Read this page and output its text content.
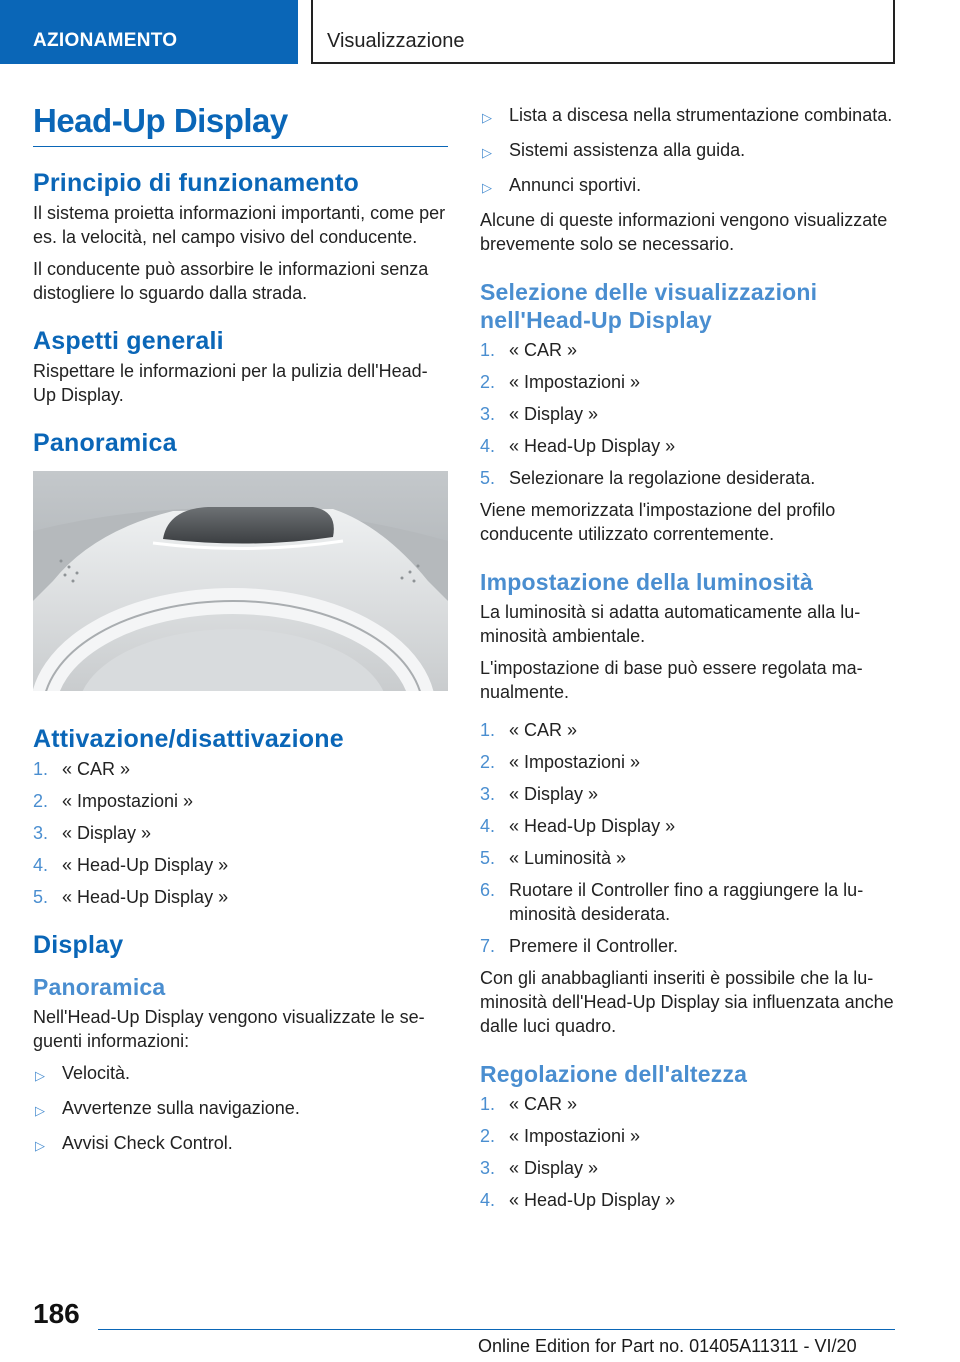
AZIONAMENTO	Visualizzazione
Head-Up Display
Principio di funzionamento

Il sistema proietta informazioni importanti, come per es. la velocità, nel campo visivo del conducente.

Il conducente può assorbire le informazioni senza distogliere lo sguardo dalla strada.

Aspetti generali

Rispettare le informazioni per la pulizia dell'Head-Up Display.

Panoramica
Attivazione/disattivazione
1. « CAR »
2. « Impostazioni »
3. « Display »
4. « Head-Up Display »
5. « Head-Up Display »
Display
Panoramica

Nell'Head-Up Display vengono visualizzate le seguenti informazioni:

▷ Velocità.
▷ Avvertenze sulla navigazione.
▷ Avvisi Check Control.
▷ Lista a discesa nella strumentazione combinata.
▷ Sistemi assistenza alla guida.
▷ Annunci sportivi.

Alcune di queste informazioni vengono visualizzate brevemente solo se necessario.

Selezione delle visualizzazioni nell'Head-Up Display
1. « CAR »
2. « Impostazioni »
3. « Display »
4. « Head-Up Display »
5. Selezionare la regolazione desiderata.

Viene memorizzata l'impostazione del profilo conducente utilizzato correntemente.

Impostazione della luminosità

La luminosità si adatta automaticamente alla luminosità ambientale.

L'impostazione di base può essere regolata manualmente.

1. « CAR »
2. « Impostazioni »
3. « Display »
4. « Head-Up Display »
5. « Luminosità »
6. Ruotare il Controller fino a raggiungere la luminosità desiderata.
7. Premere il Controller.

Con gli anabbaglianti inseriti è possibile che la luminosità dell'Head-Up Display sia influenzata anche dalle luci quadro.

Regolazione dell'altezza
1. « CAR »
2. « Impostazioni »
3. « Display »
4. « Head-Up Display »
186
Online Edition for Part no. 01405A11311 - VI/20
